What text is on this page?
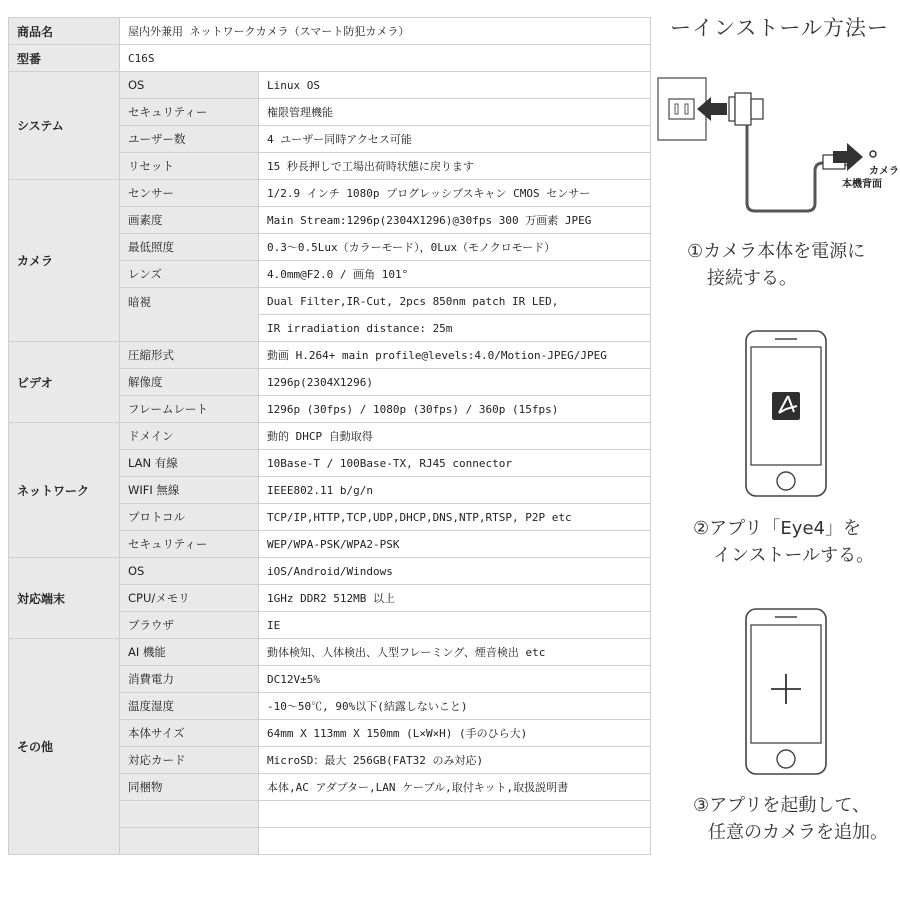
商品名	屋内外兼用 ネットワークカメラ（スマート防犯カメラ）	
型番	C16S	
システム	OS	Linux OS
	セキュリティー	権限管理機能
	ユーザー数	4 ユーザー同時アクセス可能
	リセット	15 秒長押しで工場出荷時状態に戻ります
カメラ	センサー	1/2.9 インチ 1080p プログレッシブスキャン CMOS センサー
	画素度	Main Stream:1296p(2304X1296)@30fps 300 万画素 JPEG
	最低照度	0.3～0.5Lux（カラーモード），0Lux（モノクロモード）
	レンズ	4.0mm@F2.0 / 画角 101°
	暗視	Dual Filter,IR-Cut, 2pcs 850nm patch IR LED,
		IR irradiation distance: 25m
ビデオ	圧縮形式	動画 H.264+ main profile@levels:4.0/Motion-JPEG/JPEG
	解像度	1296p(2304X1296)
	フレームレート	1296p (30fps) / 1080p (30fps) / 360p (15fps)
ネットワーク	ドメイン	動的 DHCP 自動取得
	LAN 有線	10Base-T / 100Base-TX, RJ45 connector
	WIFI 無線	IEEE802.11 b/g/n
	プロトコル	TCP/IP,HTTP,TCP,UDP,DHCP,DNS,NTP,RTSP, P2P etc
	セキュリティー	WEP/WPA-PSK/WPA2-PSK
対応端末	OS	iOS/Android/Windows
	CPU/メモリ	1GHz DDR2 512MB 以上
	ブラウザ	IE
その他	AI 機能	動体検知、人体検出、人型フレーミング、煙音検出 etc
	消費電力	DC12V±5%
	温度湿度	-10～50℃, 90%以下(結露しないこと)
	本体サイズ	64mm X 113mm X 150mm (L×W×H) (手のひら大)
	対応カード	MicroSD：最大 256GB(FAT32 のみ対応)
	同梱物	本体,AC アダプター,LAN ケーブル,取付キット,取扱説明書

ーインストール方法ー
カメラ
本機背面
①カメラ本体を電源に
接続する。
②アプリ「Eye4」を
インストールする。
③アプリを起動して、
任意のカメラを追加。
